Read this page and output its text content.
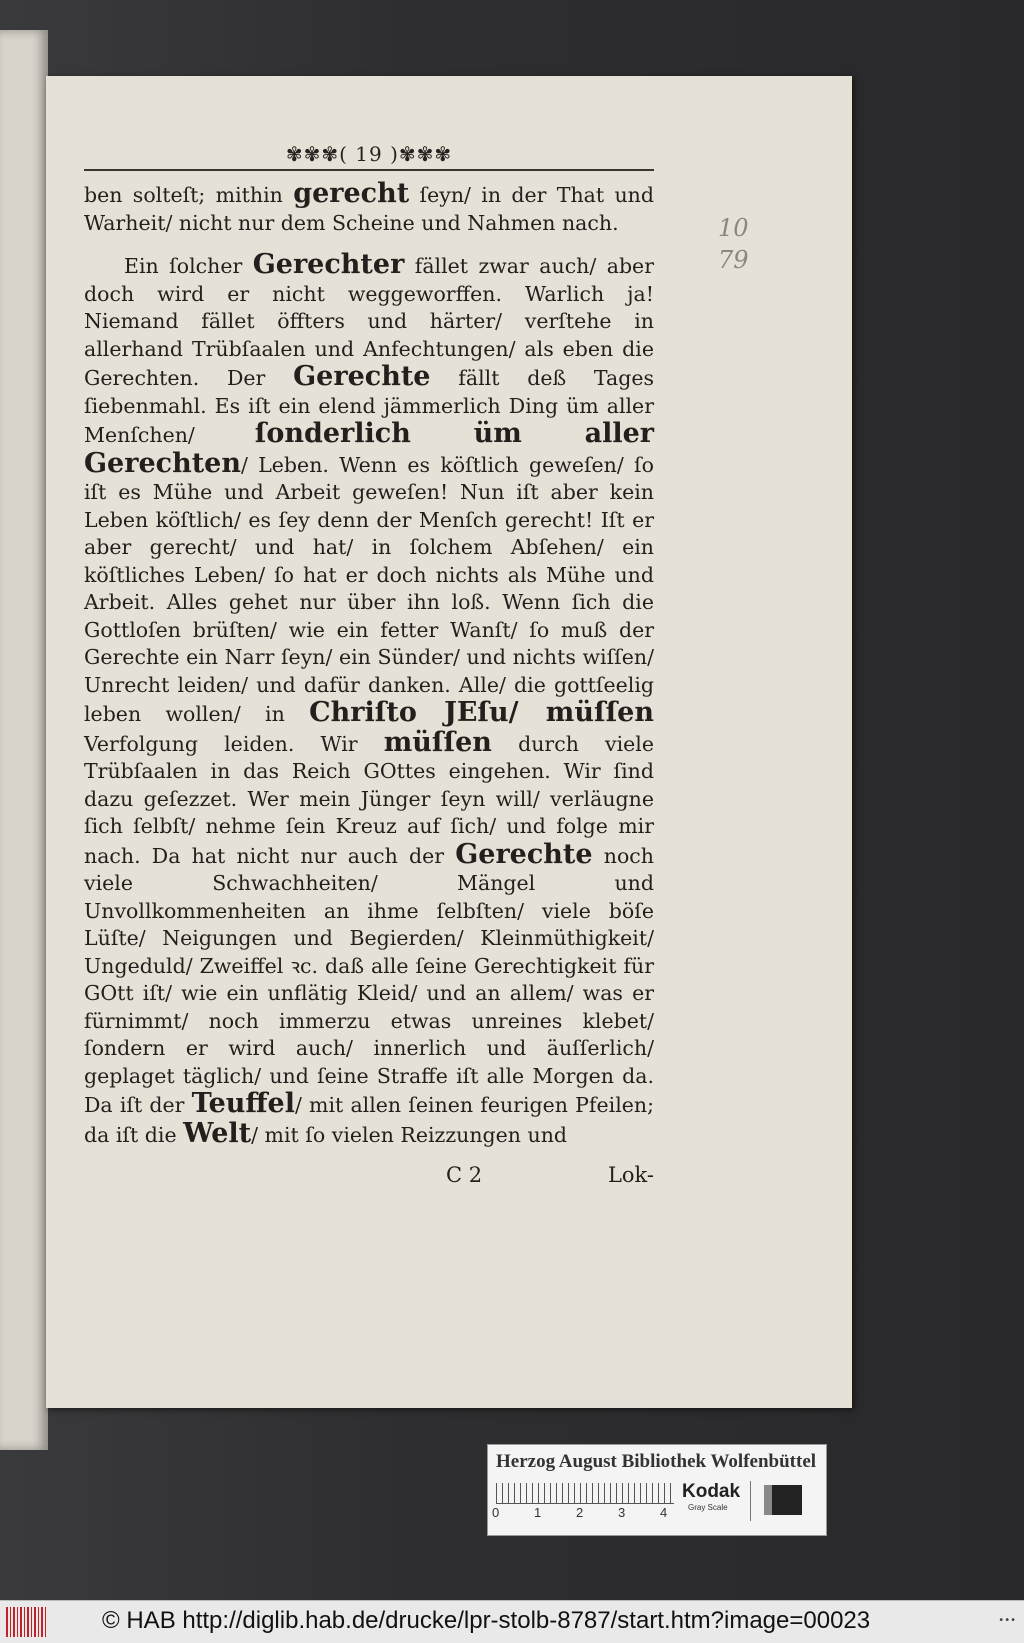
✾✾✾( 19 )✾✾✾

ben solteſt; mithin gerecht ſeyn/ in der That und Warheit/ nicht nur dem Scheine und Nahmen nach.

Ein ſolcher Gerechter fället zwar auch/ aber doch wird er nicht weggeworffen. Warlich ja! Niemand fället öffters und härter/ verſtehe in allerhand Trübſaalen und Anfechtungen/ als eben die Gerechten. Der Gerechte fällt deß Tages ſiebenmahl. Es iſt ein elend jämmerlich Ding üm aller Menſchen/ ſonderlich üm aller Gerechten/ Leben. Wenn es köſtlich geweſen/ ſo iſt es Mühe und Arbeit geweſen! Nun iſt aber kein Leben köſtlich/ es ſey denn der Menſch gerecht! Iſt er aber gerecht/ und hat/ in ſolchem Abſehen/ ein köſtliches Leben/ ſo hat er doch nichts als Mühe und Arbeit. Alles gehet nur über ihn loß. Wenn ſich die Gottloſen brüſten/ wie ein fetter Wanſt/ ſo muß der Gerechte ein Narr ſeyn/ ein Sünder/ und nichts wiſſen/ Unrecht leiden/ und dafür danken. Alle/ die gottſeelig leben wollen/ in Chriſto JEſu/ müſſen Verfolgung leiden. Wir müſſen durch viele Trübſaalen in das Reich GOttes eingehen. Wir ſind dazu geſezzet. Wer mein Jünger ſeyn will/ verläugne ſich ſelbſt/ nehme ſein Kreuz auf ſich/ und folge mir nach. Da hat nicht nur auch der Gerechte noch viele Schwachheiten/ Mängel und Unvollkommenheiten an ihme ſelbſten/ viele böſe Lüſte/ Neigungen und Begierden/ Kleinmüthigkeit/ Ungeduld/ Zweiffel ꝛc. daß alle ſeine Gerechtigkeit für GOtt iſt/ wie ein unflätig Kleid/ und an allem/ was er fürnimmt/ noch immerzu etwas unreines klebet/ ſondern er wird auch/ innerlich und äuſſerlich/ geplaget täglich/ und ſeine Straffe iſt alle Morgen da. Da iſt der Teuffel/ mit allen ſeinen feurigen Pfeilen; da iſt die Welt/ mit ſo vielen Reizzungen und

C 2	Lok-
10
79
Herzog August Bibliothek Wolfenbüttel
0	1	2	3	4
Kodak
Gray Scale
© HAB http://diglib.hab.de/drucke/lpr-stolb-8787/start.htm?image=00023	•••
